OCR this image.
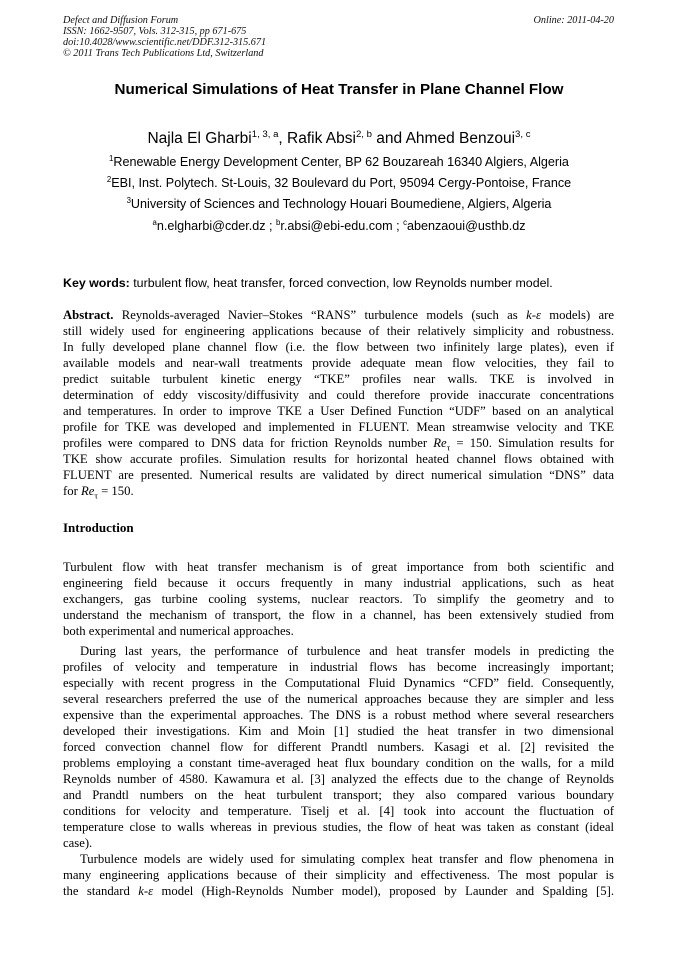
Defect and Diffusion Forum
ISSN: 1662-9507, Vols. 312-315, pp 671-675
doi:10.4028/www.scientific.net/DDF.312-315.671
© 2011 Trans Tech Publications Ltd, Switzerland
Online: 2011-04-20
Numerical Simulations of Heat Transfer in Plane Channel Flow
Najla El Gharbi$^{1, 3, a}$, Rafik Absi$^{2, b}$ and Ahmed Benzoui$^{3, c}$
$^1$Renewable Energy Development Center, BP 62 Bouzareah 16340 Algiers, Algeria
$^2$EBI, Inst. Polytech. St-Louis, 32 Boulevard du Port, 95094 Cergy-Pontoise, France
$^3$University of Sciences and Technology Houari Boumediene, Algiers, Algeria
$^a$n.elgharbi@cder.dz ; $^b$r.absi@ebi-edu.com ; $^c$abenzaoui@usthb.dz
Key words: turbulent flow, heat transfer, forced convection, low Reynolds number model.
Abstract. Reynolds-averaged Navier–Stokes “RANS” turbulence models (such as k-ε models) are
still widely used for engineering applications because of their relatively simplicity and robustness.
In fully developed plane channel flow (i.e. the flow between two infinitely large plates), even if
available models and near-wall treatments provide adequate mean flow velocities, they fail to
predict suitable turbulent kinetic energy “TKE” profiles near walls. TKE is involved in
determination of eddy viscosity/diffusivity and could therefore provide inaccurate concentrations
and temperatures. In order to improve TKE a User Defined Function “UDF” based on an analytical
profile for TKE was developed and implemented in FLUENT. Mean streamwise velocity and TKE
profiles were compared to DNS data for friction Reynolds number $Re_\tau = 150$. Simulation results for
TKE show accurate profiles. Simulation results for horizontal heated channel flows obtained with
FLUENT are presented. Numerical results are validated by direct numerical simulation “DNS” data
for $Re_\tau = 150$.
Introduction
Turbulent flow with heat transfer mechanism is of great importance from both scientific and
engineering field because it occurs frequently in many industrial applications, such as heat
exchangers, gas turbine cooling systems, nuclear reactors. To simplify the geometry and to
understand the mechanism of transport, the flow in a channel, has been extensively studied from
both experimental and numerical approaches.
During last years, the performance of turbulence and heat transfer models in predicting the
profiles of velocity and temperature in industrial flows has become increasingly important;
especially with recent progress in the Computational Fluid Dynamics “CFD” field. Consequently,
several researchers preferred the use of the numerical approaches because they are simpler and less
expensive than the experimental approaches. The DNS is a robust method where several researchers
developed their investigations. Kim and Moin [1] studied the heat transfer in two dimensional
forced convection channel flow for different Prandtl numbers. Kasagi et al. [2] revisited the
problems employing a constant time-averaged heat flux boundary condition on the walls, for a mild
Reynolds number of 4580. Kawamura et al. [3] analyzed the effects due to the change of Reynolds
and Prandtl numbers on the heat turbulent transport; they also compared various boundary
conditions for velocity and temperature. Tiselj et al. [4] took into account the fluctuation of
temperature close to walls whereas in previous studies, the flow of heat was taken as constant (ideal
case).
Turbulence models are widely used for simulating complex heat transfer and flow phenomena in
many engineering applications because of their simplicity and effectiveness. The most popular is
the standard k-ε model (High-Reynolds Number model), proposed by Launder and Spalding [5].
